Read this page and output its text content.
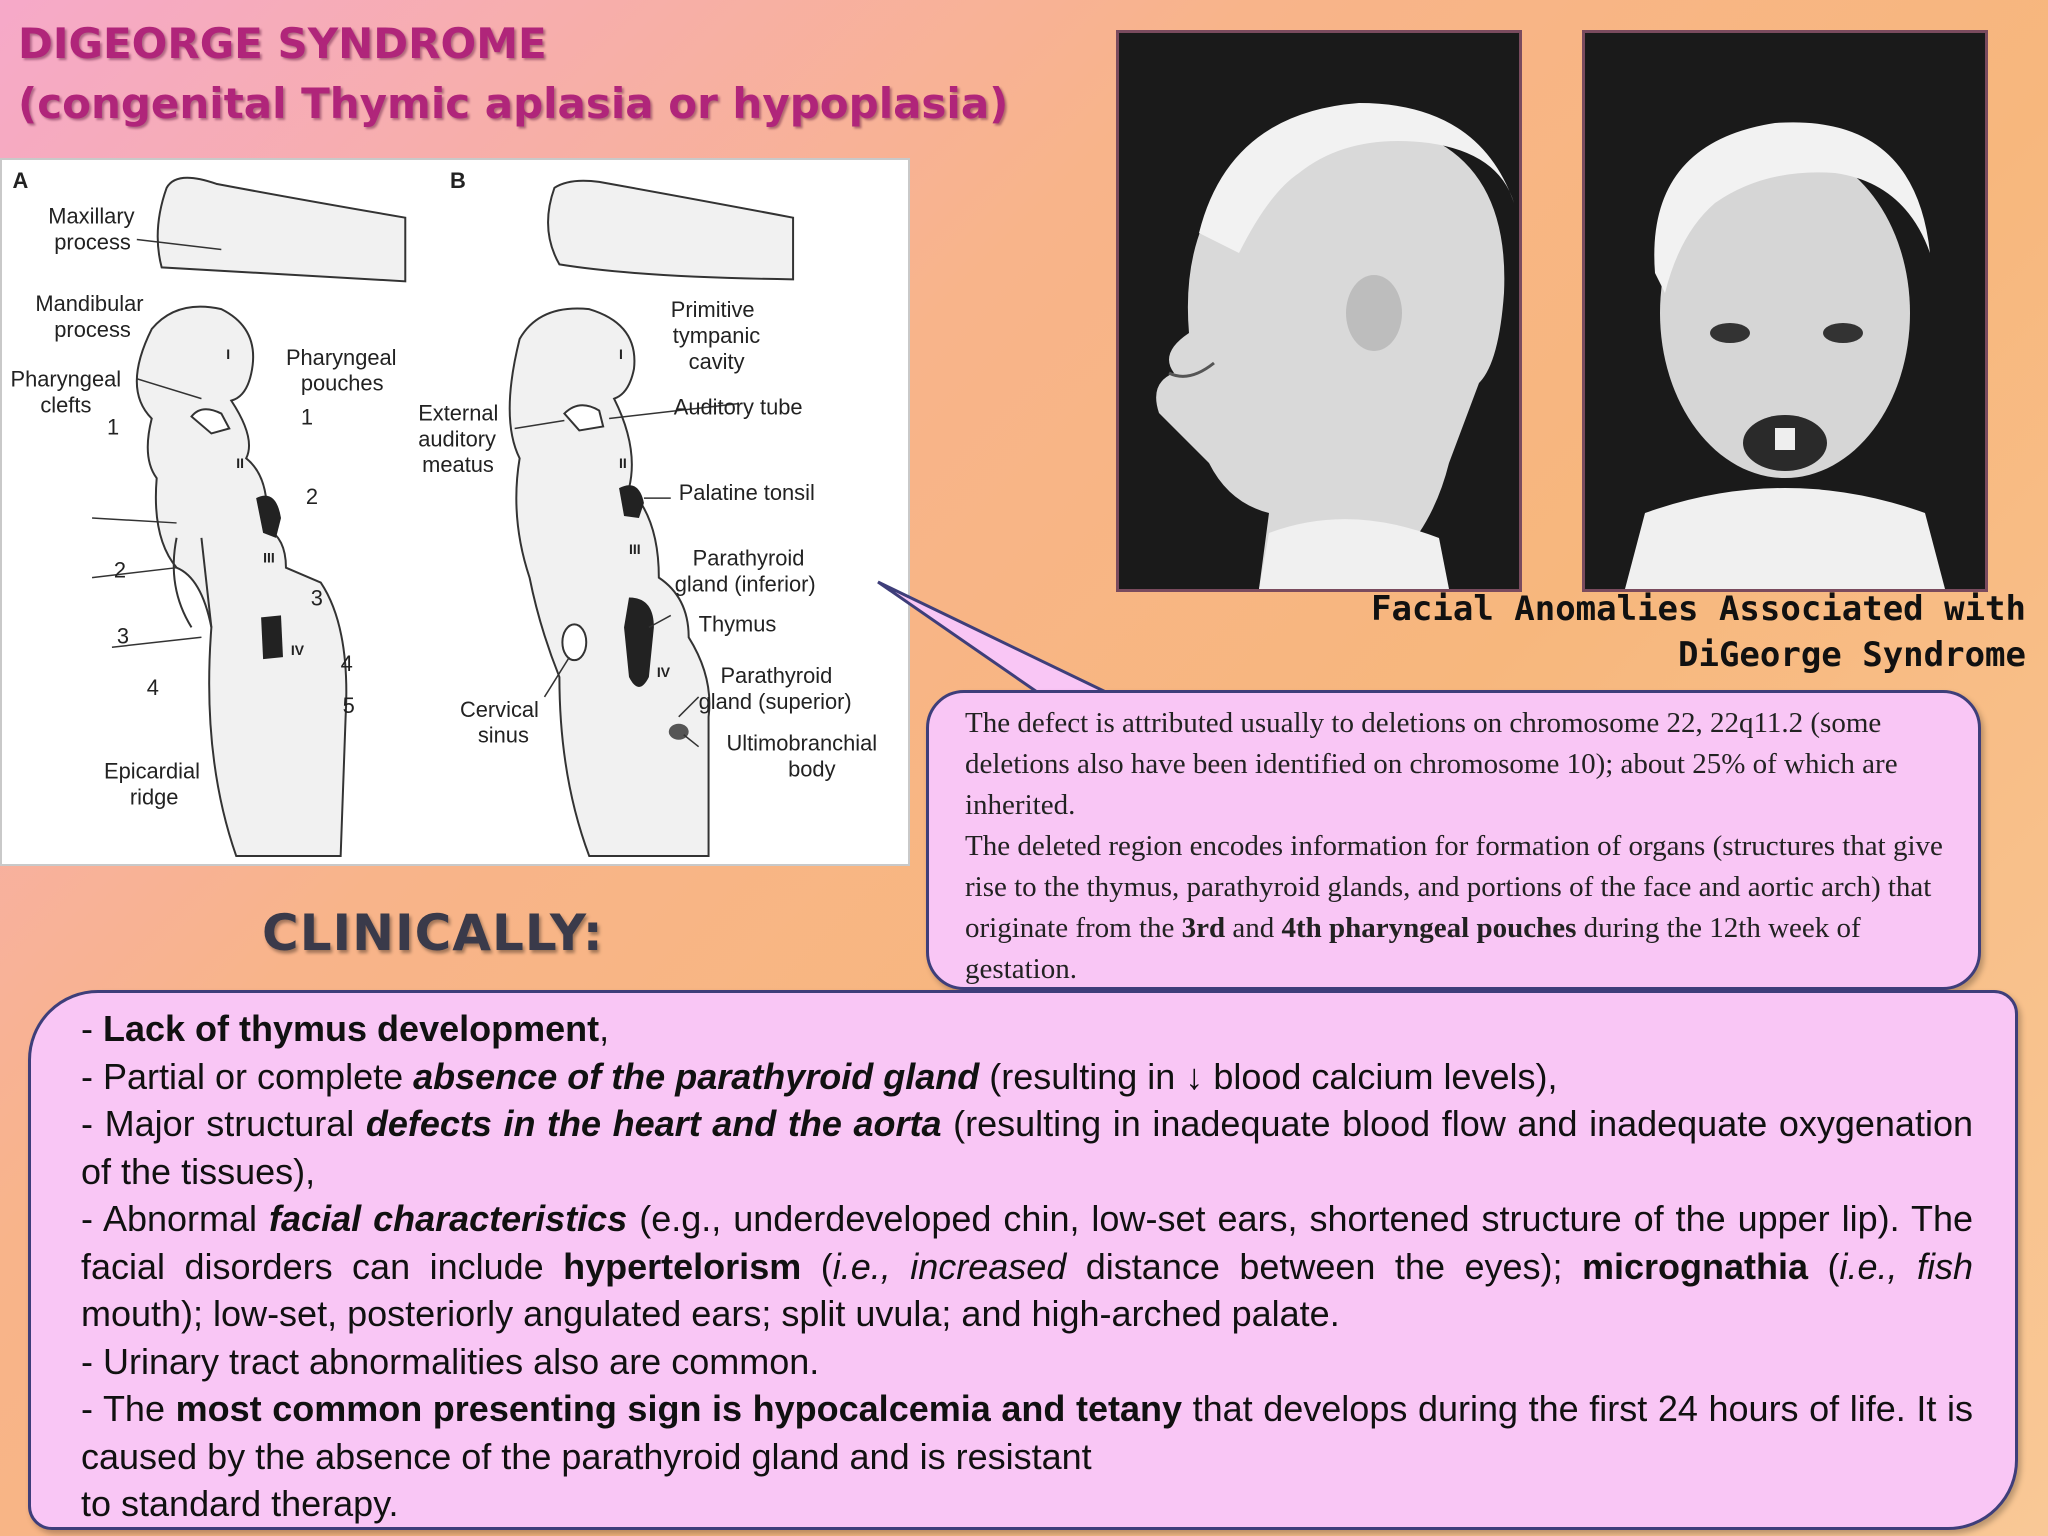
DIGEORGE SYNDROME
(congenital Thymic aplasia or hypoplasia)
A
Maxillary
process
Mandibular
process
Pharyngeal
clefts
Pharyngeal
pouches
Epicardial
ridge
1	1
2
2
3
3
4
4
5
I
II
III
IV
B
Primitive
tympanic
cavity
Auditory tube
External
auditory
meatus
Palatine tonsil
Parathyroid
gland (inferior)
Thymus
Parathyroid
gland (superior)
Cervical
sinus	Ultimobranchial
body
I
II
III
IV
Facial Anomalies Associated with
DiGeorge Syndrome

The defect is attributed usually to deletions on chromosome 22, 22q11.2 (some deletions also have been identified on chromosome 10); about 25% of which are inherited.

The deleted region encodes information for formation of organs (structures that give rise to the thymus, parathyroid glands, and portions of the face and aortic arch) that originate from the 3rd and 4th pharyngeal pouches during the 12th week of gestation.

CLINICALLY:

- Lack of thymus development,

- Partial or complete absence of the parathyroid gland (resulting in ↓ blood calcium levels),

- Major structural defects in the heart and the aorta (resulting in inadequate blood flow and inadequate oxygenation of the tissues),

- Abnormal facial characteristics (e.g., underdeveloped chin, low-set ears, shortened structure of the upper lip). The facial disorders can include hypertelorism (i.e., increased distance between the eyes); micrognathia (i.e., fish mouth); low-set, posteriorly angulated ears; split uvula; and high-arched palate.

- Urinary tract abnormalities also are common.

- The most common presenting sign is hypocalcemia and tetany that develops during the first 24 hours of life. It is caused by the absence of the parathyroid gland and is resistant
to standard therapy.
